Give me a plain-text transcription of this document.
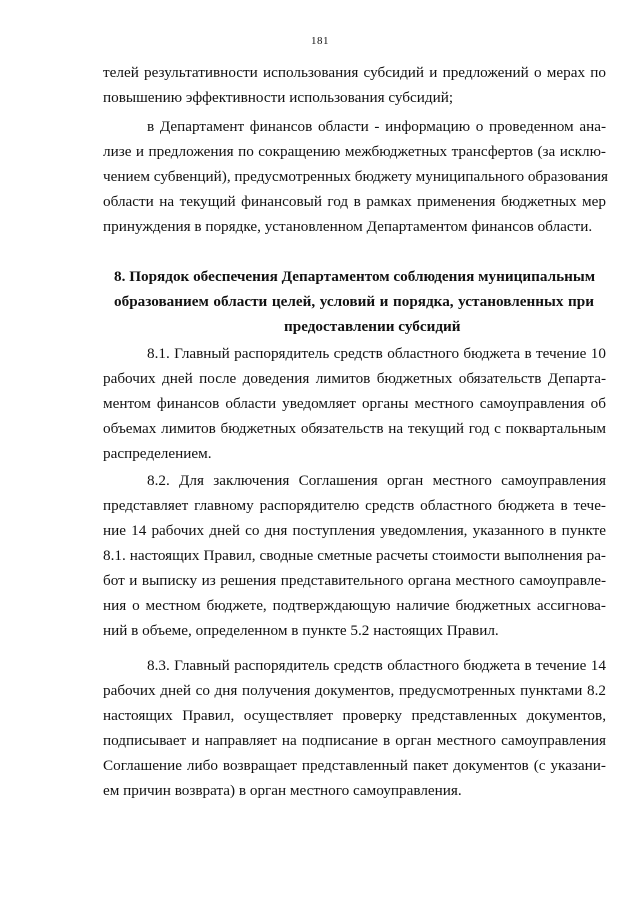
181
телей результативности использования субсидий и предложений о мерах по
повышению эффективности использования субсидий;
в Департамент финансов области - информацию о проведенном ана-
лизе и предложения по сокращению межбюджетных трансфертов (за исклю-
чением субвенций), предусмотренных бюджету муниципального образования
области на текущий финансовый год в рамках применения бюджетных мер
принуждения в порядке, установленном Департаментом финансов области.
8. Порядок обеспечения Департаментом соблюдения муниципальным
образованием области целей, условий и порядка, установленных при
предоставлении субсидий
8.1. Главный распорядитель средств областного бюджета в течение 10
рабочих дней после доведения лимитов бюджетных обязательств Департа-
ментом финансов области уведомляет органы местного самоуправления об
объемах лимитов бюджетных обязательств на текущий год с поквартальным
распределением.
8.2. Для заключения Соглашения орган местного самоуправления
представляет главному распорядителю средств областного бюджета в тече-
ние 14 рабочих дней со дня поступления уведомления, указанного в пункте
8.1. настоящих Правил, сводные сметные расчеты стоимости выполнения ра-
бот и выписку из решения представительного органа местного самоуправле-
ния о местном бюджете, подтверждающую наличие бюджетных ассигнова-
ний в объеме, определенном в пункте 5.2 настоящих Правил.
8.3. Главный распорядитель средств областного бюджета в течение 14
рабочих дней со дня получения документов, предусмотренных пунктами 8.2
настоящих Правил, осуществляет проверку представленных документов,
подписывает и направляет на подписание в орган местного самоуправления
Соглашение либо возвращает представленный пакет документов (с указани-
ем причин возврата) в орган местного самоуправления.
